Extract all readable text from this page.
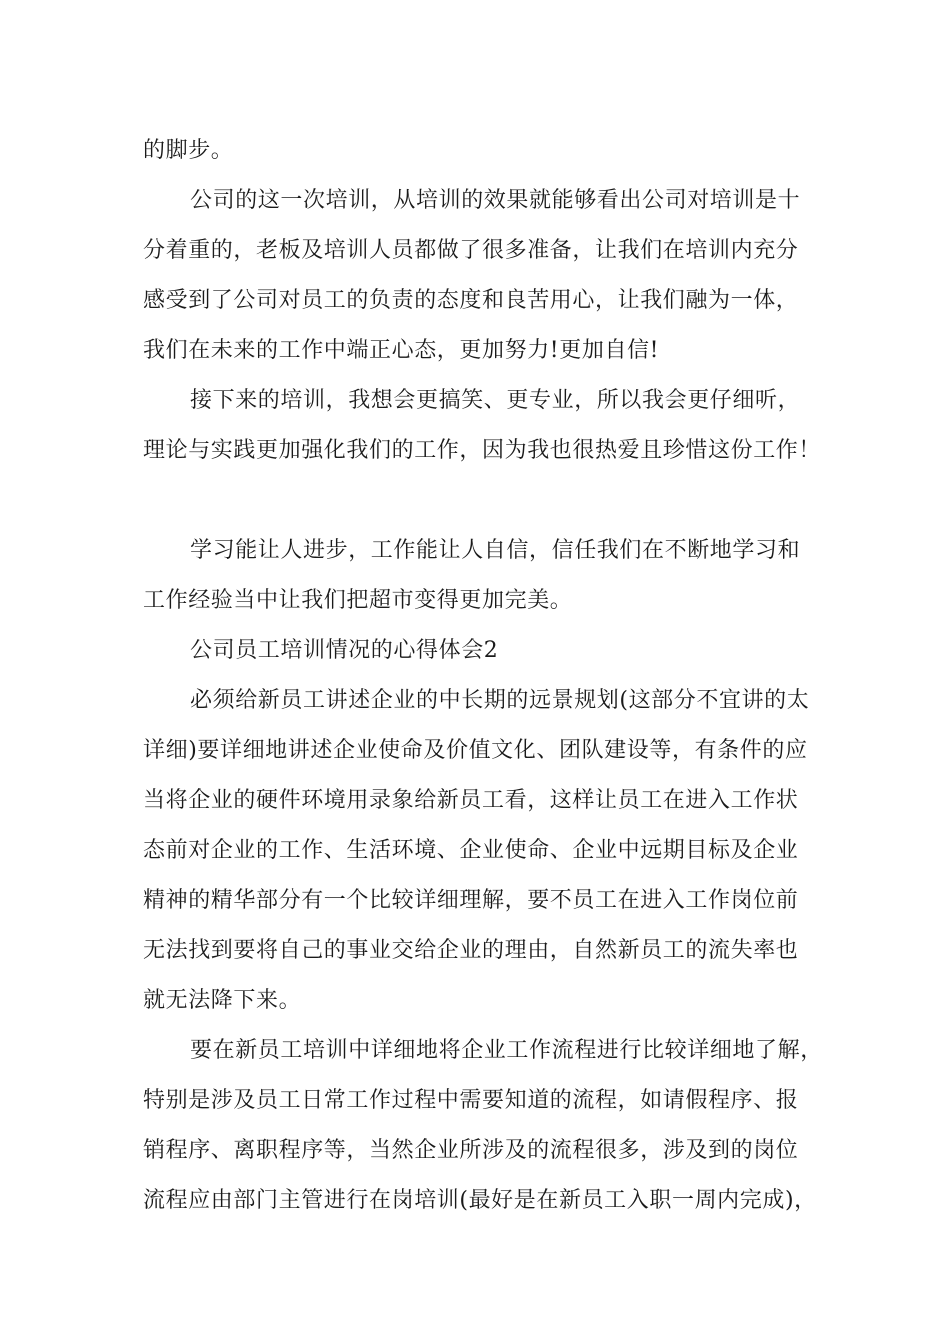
的脚步。
公司的这一次培训，从培训的效果就能够看出公司对培训是十
分着重的，老板及培训人员都做了很多准备，让我们在培训内充分
感受到了公司对员工的负责的态度和良苦用心，让我们融为一体，
我们在未来的工作中端正心态，更加努力!更加自信!
接下来的培训，我想会更搞笑、更专业，所以我会更仔细听，
理论与实践更加强化我们的工作，因为我也很热爱且珍惜这份工作！
学习能让人进步，工作能让人自信，信任我们在不断地学习和
工作经验当中让我们把超市变得更加完美。
公司员工培训情况的心得体会2
必须给新员工讲述企业的中长期的远景规划(这部分不宜讲的太
详细)要详细地讲述企业使命及价值文化、团队建设等，有条件的应
当将企业的硬件环境用录象给新员工看，这样让员工在进入工作状
态前对企业的工作、生活环境、企业使命、企业中远期目标及企业
精神的精华部分有一个比较详细理解，要不员工在进入工作岗位前
无法找到要将自己的事业交给企业的理由，自然新员工的流失率也
就无法降下来。
要在新员工培训中详细地将企业工作流程进行比较详细地了解，
特别是涉及员工日常工作过程中需要知道的流程，如请假程序、报
销程序、离职程序等，当然企业所涉及的流程很多，涉及到的岗位
流程应由部门主管进行在岗培训(最好是在新员工入职一周内完成)，
